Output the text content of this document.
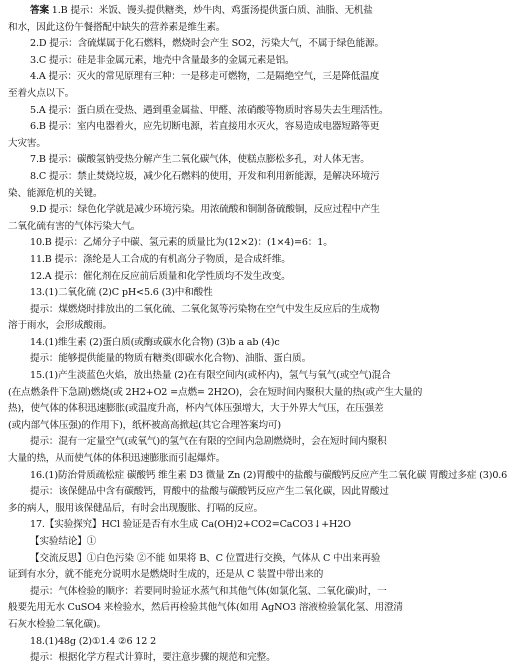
答案 1.B 提示：米饭、馒头提供糖类，炒牛肉、鸡蛋汤提供蛋白质、油脂、无机盐
和水，因此这份午餐搭配中缺失的营养素是维生素。
2.D 提示：含硫煤属于化石燃料，燃烧时会产生 SO2，污染大气，不属于绿色能源。
3.C 提示：硅是非金属元素，地壳中含量最多的金属元素是铝。
4.A 提示：灭火的常见原理有三种：一是移走可燃物，二是隔绝空气，三是降低温度
至着火点以下。
5.A 提示：蛋白质在受热、遇到重金属盐、甲醛、浓硝酸等物质时容易失去生理活性。
6.B 提示：室内电器着火，应先切断电源，若直接用水灭火，容易造成电器短路等更
大灾害。
7.B 提示：碳酸氢钠受热分解产生二氧化碳气体，使糕点膨松多孔，对人体无害。
8.C 提示：禁止焚烧垃圾，减少化石燃料的使用，开发和利用新能源，是解决环境污
染、能源危机的关键。
9.D 提示：绿色化学就是减少环境污染。用浓硫酸和铜制备硫酸铜，反应过程中产生
二氧化硫有害的气体污染大气。
10.B 提示：乙烯分子中碳、氢元素的质量比为(12×2)：(1×4)=6：1。
11.B 提示：涤纶是人工合成的有机高分子物质，是合成纤维。
12.A 提示：催化剂在反应前后质量和化学性质均不发生改变。
13.(1)二氧化硫 (2)C pH<5.6 (3)中和酸性
提示：煤燃烧时排放出的二氧化硫、二氧化氮等污染物在空气中发生反应后的生成物
溶于雨水，会形成酸雨。
14.(1)维生素 (2)蛋白质(或酶或碳水化合物) (3)b a ab (4)c
提示：能够提供能量的物质有糖类(即碳水化合物)、油脂、蛋白质。
15.(1)产生淡蓝色火焰，放出热量 (2)在有限空间内(或杯内)，氢气与氧气(或空气)混合
(在点燃条件下急剧)燃烧(或 2H2+O2 =点燃= 2H2O)，会在短时间内聚积大量的热(或产生大量的
热)，使气体的体积迅速膨胀(或温度升高，杯内气体压强增大，大于外界大气压，在压强差
(或内部气体压强)的作用下)，纸杯被高高掀起(其它合理答案均可)
提示：混有一定量空气(或氧气)的氢气在有限的空间内急剧燃烧时，会在短时间内聚积
大量的热，从而使气体的体积迅速膨胀而引起爆炸。
16.(1)防治骨质疏松症 碳酸钙 维生素 D3 微量 Zn (2)胃酸中的盐酸与碳酸钙反应产生二氧化碳 胃酸过多症 (3)0.6
提示：该保健品中含有碳酸钙，胃酸中的盐酸与碳酸钙反应产生二氧化碳，因此胃酸过
多的病人，服用该保健品后，有时会出现腹胀、打嗝的反应。
17.【实验探究】HCl 验证是否有水生成 Ca(OH)2+CO2=CaCO3↓+H2O
【实验结论】①
【交流反思】①白色污染 ②不能 如果将 B、C 位置进行交换，气体从 C 中出来再验
证到有水分，就不能充分说明水是燃烧时生成的，还是从 C 装置中带出来的
提示：气体检验的顺序：若要同时验证水蒸气和其他气体(如氯化氢、二氧化碳)时，一
般要先用无水 CuSO4 来检验水，然后再检验其他气体(如用 AgNO3 溶液检验氯化氢、用澄清
石灰水检验二氧化碳)。
18.(1)48g (2)①1.4 ②6 12 2
提示：根据化学方程式计算时，要注意步骤的规范和完整。
